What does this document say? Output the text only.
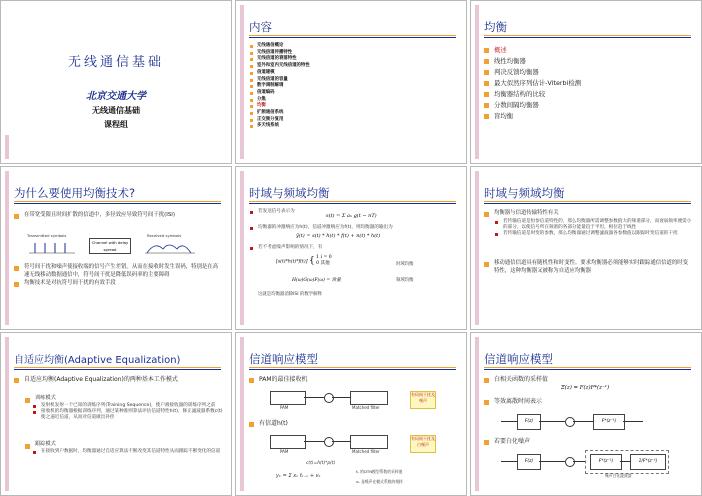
无线通信基础
北京交通大学
无线通信基础
课程组
内容
无线通信概论
无线信道传播特性
无线信道的衰落特性
室外和室内无线信道的特性
信道建模
无线信道的容量
数字调制解调
信道编码
分集
均衡
扩频通信系统
正交频分复用
多天线系统
均衡
概述
线性均衡器
判决反馈均衡器
最大似然序列估计-Viterbi检测
均衡器结构的比较
分数间隔均衡器
盲均衡
为什么要使用均衡技术?
在带宽受限且时间扩散的信道中，多径效应导致符号间干扰(ISI)
Transmitted symbols
Channel with delay spread
Received symbols
符号间干扰和噪声使接收端的信号产生差错。从而在接收时发生误码，特别是在高速无线移动数据通信中，符号间干扰是降低误码率的主要障碍
均衡技术是对抗符号间干扰的有效手段
时域与频域均衡
若发送信号表示为
s(t) = Σ aₙ g(t − nT)
均衡器的冲激响应为h(t)，信道冲激响应为f(t)，则均衡器的输出为
ỹ(t) = s(t) * h(t) * f(t) + n(t) * h(t)
若不考虑噪声影响的情况下，有
[s(t)*h(t)*f(t)] { 1 i = 0
0 其他	时域均衡
H(ω)G(ω)F(ω) = 常量	频域均衡
这就是均衡器消除ISI 的数学解释
时域与频域均衡
均衡器与信道传输特性有关
若传输信道是恒参信道特性的，那么均衡器所需调整参数值大的频谱部分，而衰弱频率便需小的部分，以使信号所在频谱的各部分能量趋于平坦，相位趋于线性
若传输信道是时变的参数，那么均衡器通过调整滤波器各参数值以跟踪时变信道的干扰
移动通信信道具有随机性和时变性。要求均衡器必须能够实时跟踪通信信道的时变特性，这种均衡器又被称为自适应均衡器
自适应均衡(Adaptive Equalization)
自适应均衡(Adaptive Equalization)的两种基本工作模式
训练模式
发射机发射一个已知的训练序列(Training Sequence)，使户端接收器的训练序列之前
接收机的均衡器根据训练序列，通过某种准则算法评估信道特性h(t)，修正滤波器系数c(t)使之逼近信道，从而对信道做出补偿
跟踪模式
在接收到户数据时，均衡器通过自适应算法不断改变其信道特性从而跟踪不断变化的信道
信道响应模型
PAM的最佳接收机
PAM	Matched filter
有码间干扰及噪声
有信道h(t)
PAM	Matched filter
有码间干扰及白噪声
c(t)=h(t)*p(t)
yₖ = Σ xₙ fₖ₋ₙ + vₖ
fₖ 的DTN模型系数的采样值
vₖ 是噪声在模式系数的相样
信道响应模型
白相关函数的采样值
Ξ(z) = F(z)F*(z⁻¹)
等效离散时间表示
F(z)	F*(z⁻¹)
若要白化噪声
F(z)	F*(z⁻¹)	1/F*(z⁻¹)
噪声白化滤波器
